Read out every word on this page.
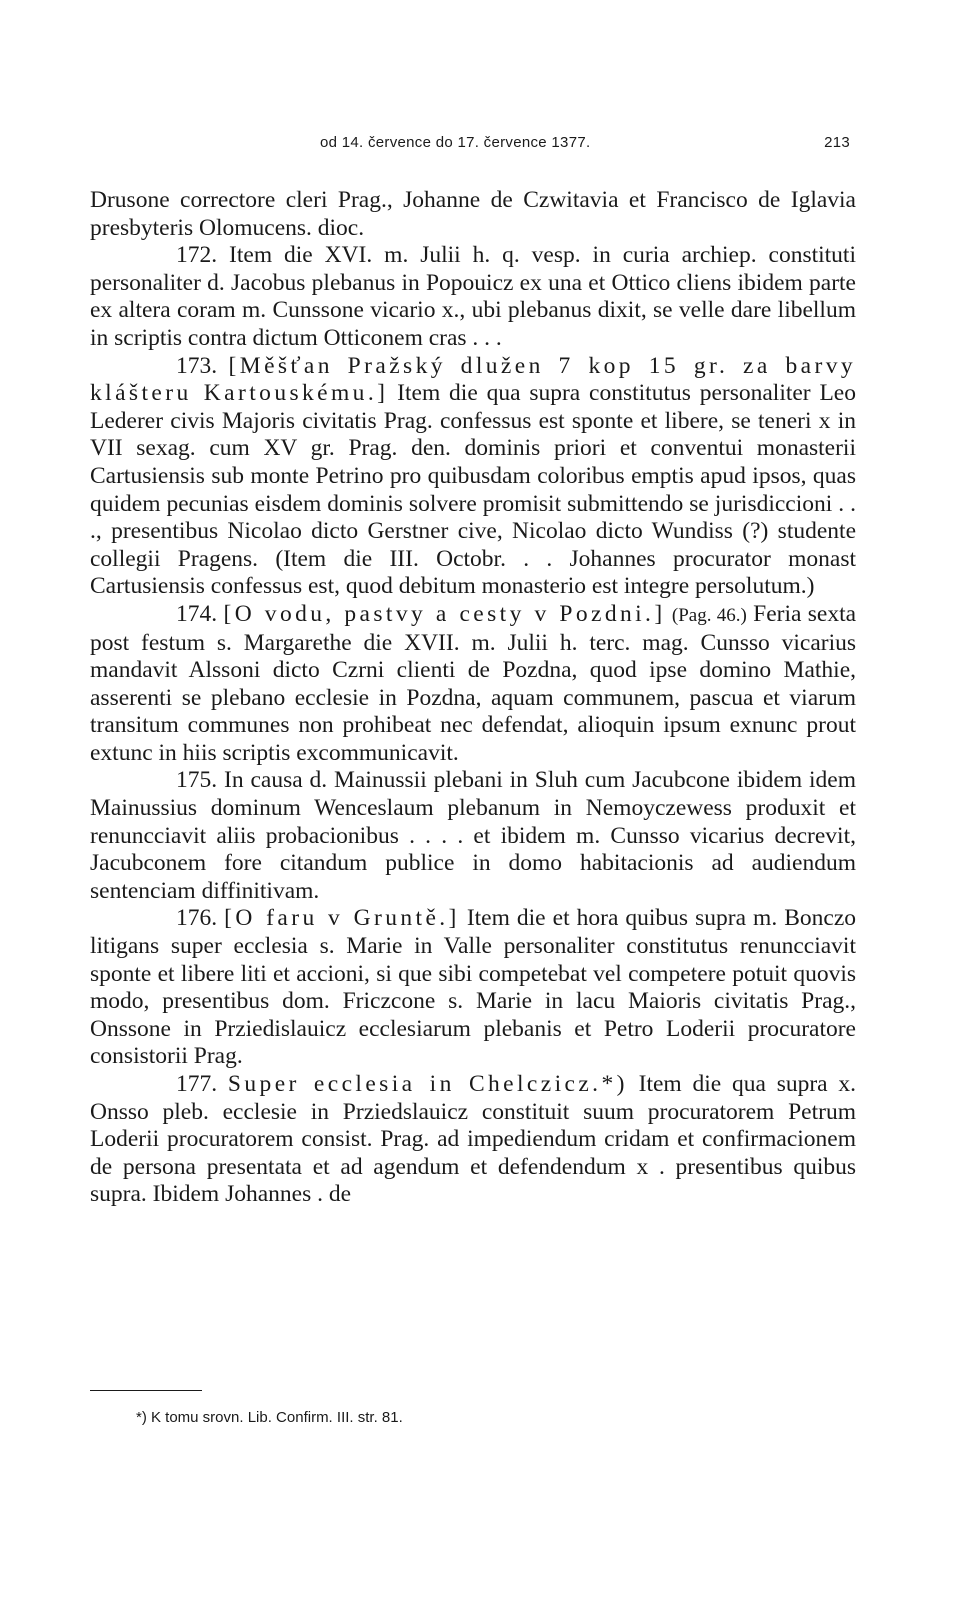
od 14. července do 17. července 1377.	213

Drusone correctore cleri Prag., Johanne de Czwitavia et Francisco de Iglavia presbyteris Olomucens. dioc.

172. Item die XVI. m. Julii h. q. vesp. in curia archiep. constituti personaliter d. Jacobus plebanus in Popouicz ex una et Ottico cliens ibidem parte ex altera coram m. Cunssone vicario x., ubi plebanus dixit, se velle dare libellum in scriptis contra dictum Otticonem cras . . .

173. [Měšťan Pražský dlužen 7 kop 15 gr. za barvy klášteru Kartouskému.] Item die qua supra constitutus personaliter Leo Lederer civis Majoris civitatis Prag. confessus est sponte et libere, se teneri x in VII sexag. cum XV gr. Prag. den. dominis priori et conventui monasterii Cartusiensis sub monte Petrino pro quibusdam coloribus emptis apud ipsos, quas quidem pecunias eisdem dominis solvere promisit submittendo se jurisdiccioni . . ., presentibus Nicolao dicto Gerstner cive, Nicolao dicto Wundiss (?) studente collegii Pragens. (Item die III. Octobr. . . Johannes procurator monast Cartusiensis confessus est, quod debitum monasterio est integre persolutum.)

174. [O vodu, pastvy a cesty v Pozdni.] (Pag. 46.) Feria sexta post festum s. Margarethe die XVII. m. Julii h. terc. mag. Cunsso vicarius mandavit Alssoni dicto Czrni clienti de Pozdna, quod ipse domino Mathie, asserenti se plebano ecclesie in Pozdna, aquam communem, pascua et viarum transitum communes non prohibeat nec defendat, alioquin ipsum exnunc prout extunc in hiis scriptis excommunicavit.

175. In causa d. Mainussii plebani in Sluh cum Jacubcone ibidem idem Mainussius dominum Wenceslaum plebanum in Nemoyczewess produxit et renuncciavit aliis probacionibus . . . . et ibidem m. Cunsso vicarius decrevit, Jacubconem fore citandum publice in domo habitacionis ad audiendum sentenciam diffinitivam.

176. [O faru v Gruntě.] Item die et hora quibus supra m. Bonczo litigans super ecclesia s. Marie in Valle personaliter constitutus renuncciavit sponte et libere liti et accioni, si que sibi competebat vel competere potuit quovis modo, presentibus dom. Friczcone s. Marie in lacu Maioris civitatis Prag., Onssone in Prziedislauicz ecclesiarum plebanis et Petro Loderii procuratore consistorii Prag.

177. Super ecclesia in Chelczicz.*) Item die qua supra x. Onsso pleb. ecclesie in Prziedslauicz constituit suum procuratorem Petrum Loderii procuratorem consist. Prag. ad impediendum cridam et confirmacionem de persona presentata et ad agendum et defendendum x . presentibus quibus supra. Ibidem Johannes . de

*) K tomu srovn. Lib. Confirm. III. str. 81.
